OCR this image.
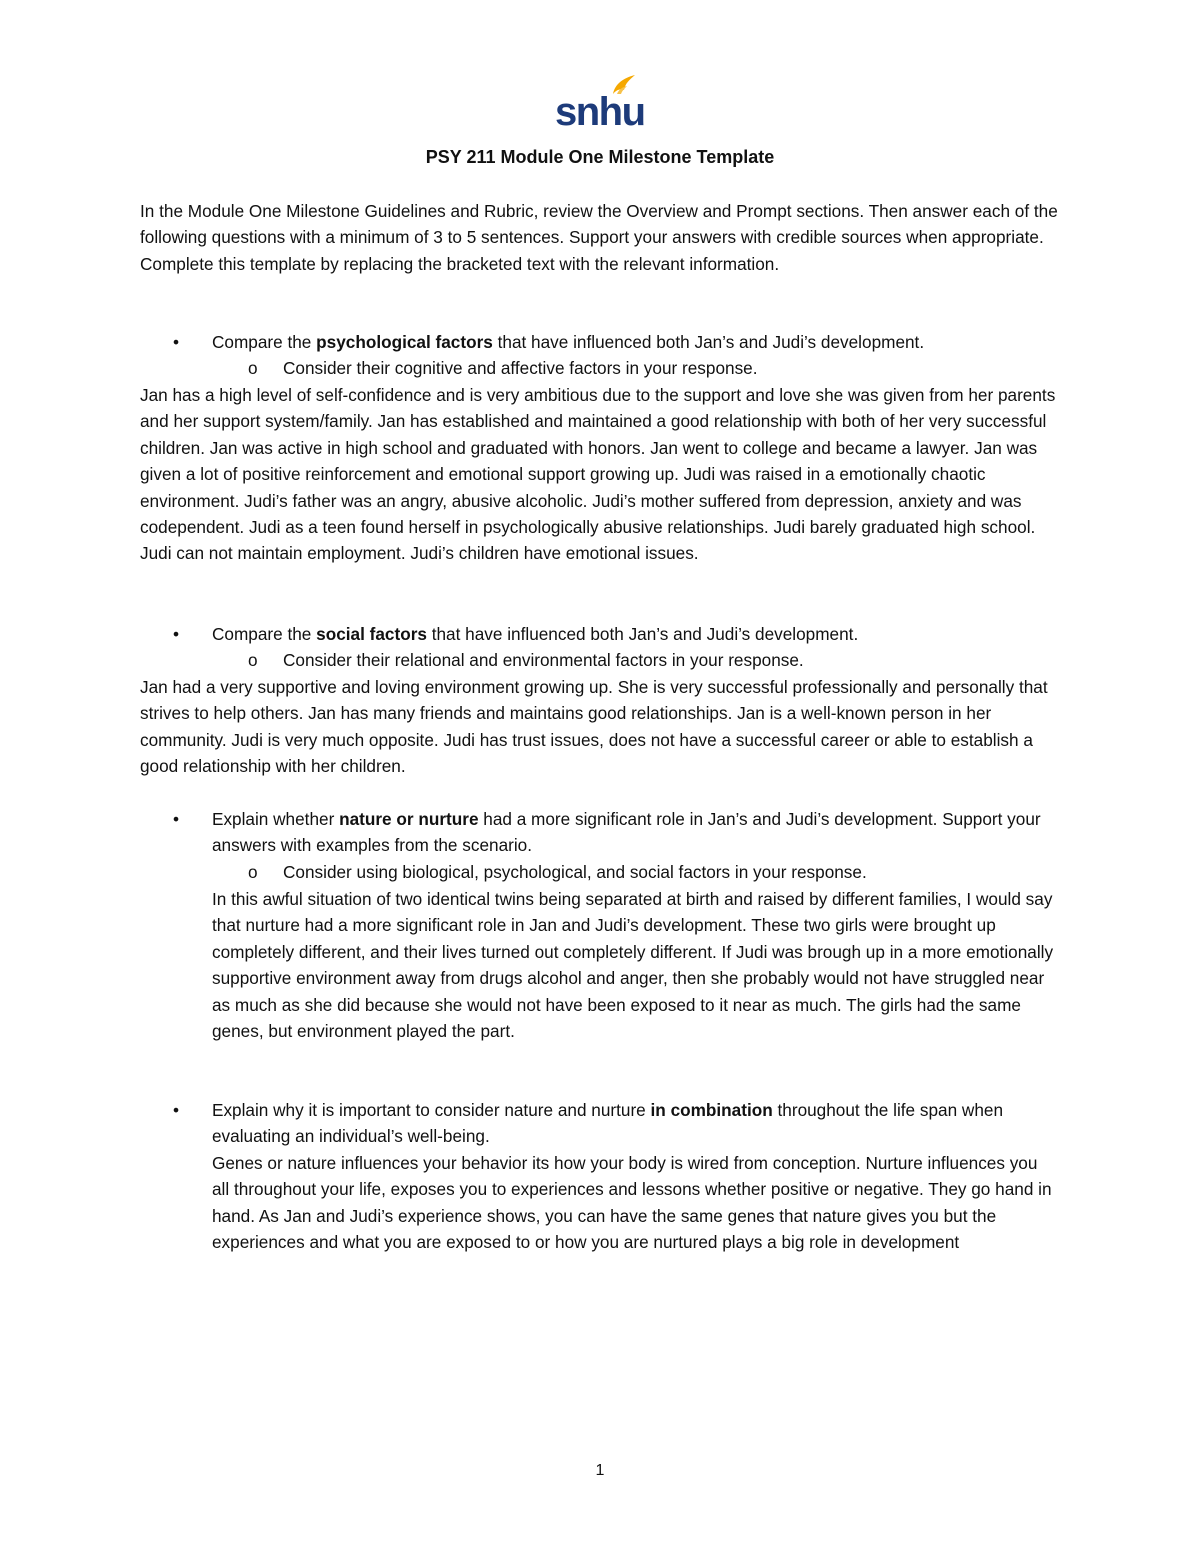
snhu
PSY 211 Module One Milestone Template

In the Module One Milestone Guidelines and Rubric, review the Overview and Prompt sections. Then answer each of the following questions with a minimum of 3 to 5 sentences. Support your answers with credible sources when appropriate. Complete this template by replacing the bracketed text with the relevant information.

• Compare the psychological factors that have influenced both Jan’s and Judi’s development.
o Consider their cognitive and affective factors in your response.

Jan has a high level of self-confidence and is very ambitious due to the support and love she was given from her parents and her support system/family. Jan has established and maintained a good relationship with both of her very successful children. Jan was active in high school and graduated with honors. Jan went to college and became a lawyer. Jan was given a lot of positive reinforcement and emotional support growing up. Judi was raised in a emotionally chaotic environment. Judi’s father was an angry, abusive alcoholic. Judi’s mother suffered from depression, anxiety and was codependent. Judi as a teen found herself in psychologically abusive relationships. Judi barely graduated high school. Judi can not maintain employment. Judi’s children have emotional issues.

• Compare the social factors that have influenced both Jan’s and Judi’s development.
o Consider their relational and environmental factors in your response.

Jan had a very supportive and loving environment growing up. She is very successful professionally and personally that strives to help others. Jan has many friends and maintains good relationships. Jan is a well-known person in her community. Judi is very much opposite. Judi has trust issues, does not have a successful career or able to establish a good relationship with her children.

• Explain whether nature or nurture had a more significant role in Jan’s and Judi’s development. Support your answers with examples from the scenario.
o Consider using biological, psychological, and social factors in your response.

In this awful situation of two identical twins being separated at birth and raised by different families, I would say that nurture had a more significant role in Jan and Judi’s development. These two girls were brought up completely different, and their lives turned out completely different. If Judi was brough up in a more emotionally supportive environment away from drugs alcohol and anger, then she probably would not have struggled near as much as she did because she would not have been exposed to it near as much. The girls had the same genes, but environment played the part.

• Explain why it is important to consider nature and nurture in combination throughout the life span when evaluating an individual’s well-being.

Genes or nature influences your behavior its how your body is wired from conception. Nurture influences you all throughout your life, exposes you to experiences and lessons whether positive or negative. They go hand in hand. As Jan and Judi’s experience shows, you can have the same genes that nature gives you but the experiences and what you are exposed to or how you are nurtured plays a big role in development

1
